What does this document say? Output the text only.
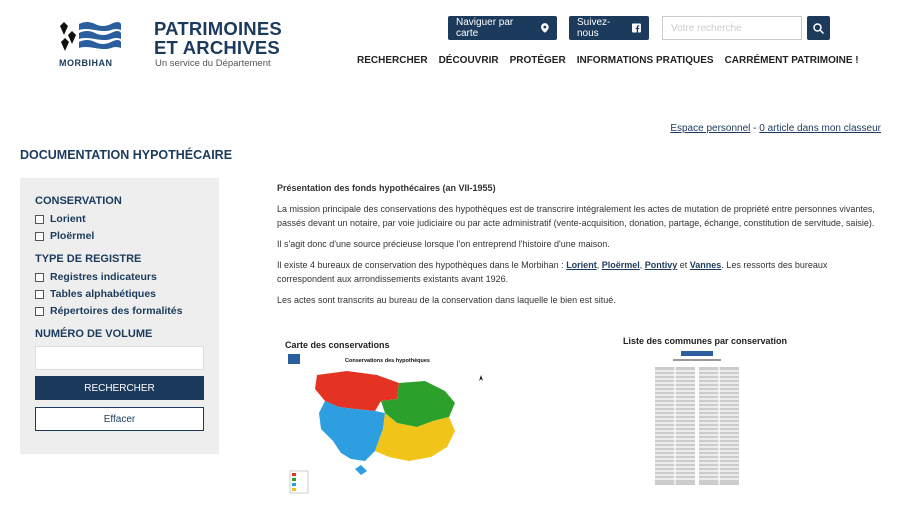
MORBIHAN
PATRIMOINES
ET ARCHIVES
Un service du Département
Naviguer par carte
Suivez-nous
Votre recherche
RECHERCHER DÉCOUVRIR PROTÉGER INFORMATIONS PRATIQUES CARRÉMENT PATRIMOINE !
Espace personnel - 0 article dans mon classeur
DOCUMENTATION HYPOTHÉCAIRE
CONSERVATION
Lorient
Ploërmel
TYPE DE REGISTRE
Registres indicateurs
Tables alphabétiques
Répertoires des formalités
NUMÉRO DE VOLUME
RECHERCHER
Effacer

Présentation des fonds hypothécaires (an VII-1955)

La mission principale des conservations des hypothèques est de transcrire intégralement les actes de mutation de propriété entre personnes vivantes, passés devant un notaire, par voie judiciaire ou par acte administratif (vente-acquisition, donation, partage, échange, constitution de servitude, saisie).

Il s'agit donc d'une source précieuse lorsque l'on entreprend l'histoire d'une maison.

Il existe 4 bureaux de conservation des hypothèques dans le Morbihan : Lorient, Ploërmel, Pontivy et Vannes. Les ressorts des bureaux correspondent aux arrondissements existants avant 1926.

Les actes sont transcrits au bureau de la conservation dans laquelle le bien est situé.

Carte des conservations	Liste des communes par conservation
Conservations des hypothèques
